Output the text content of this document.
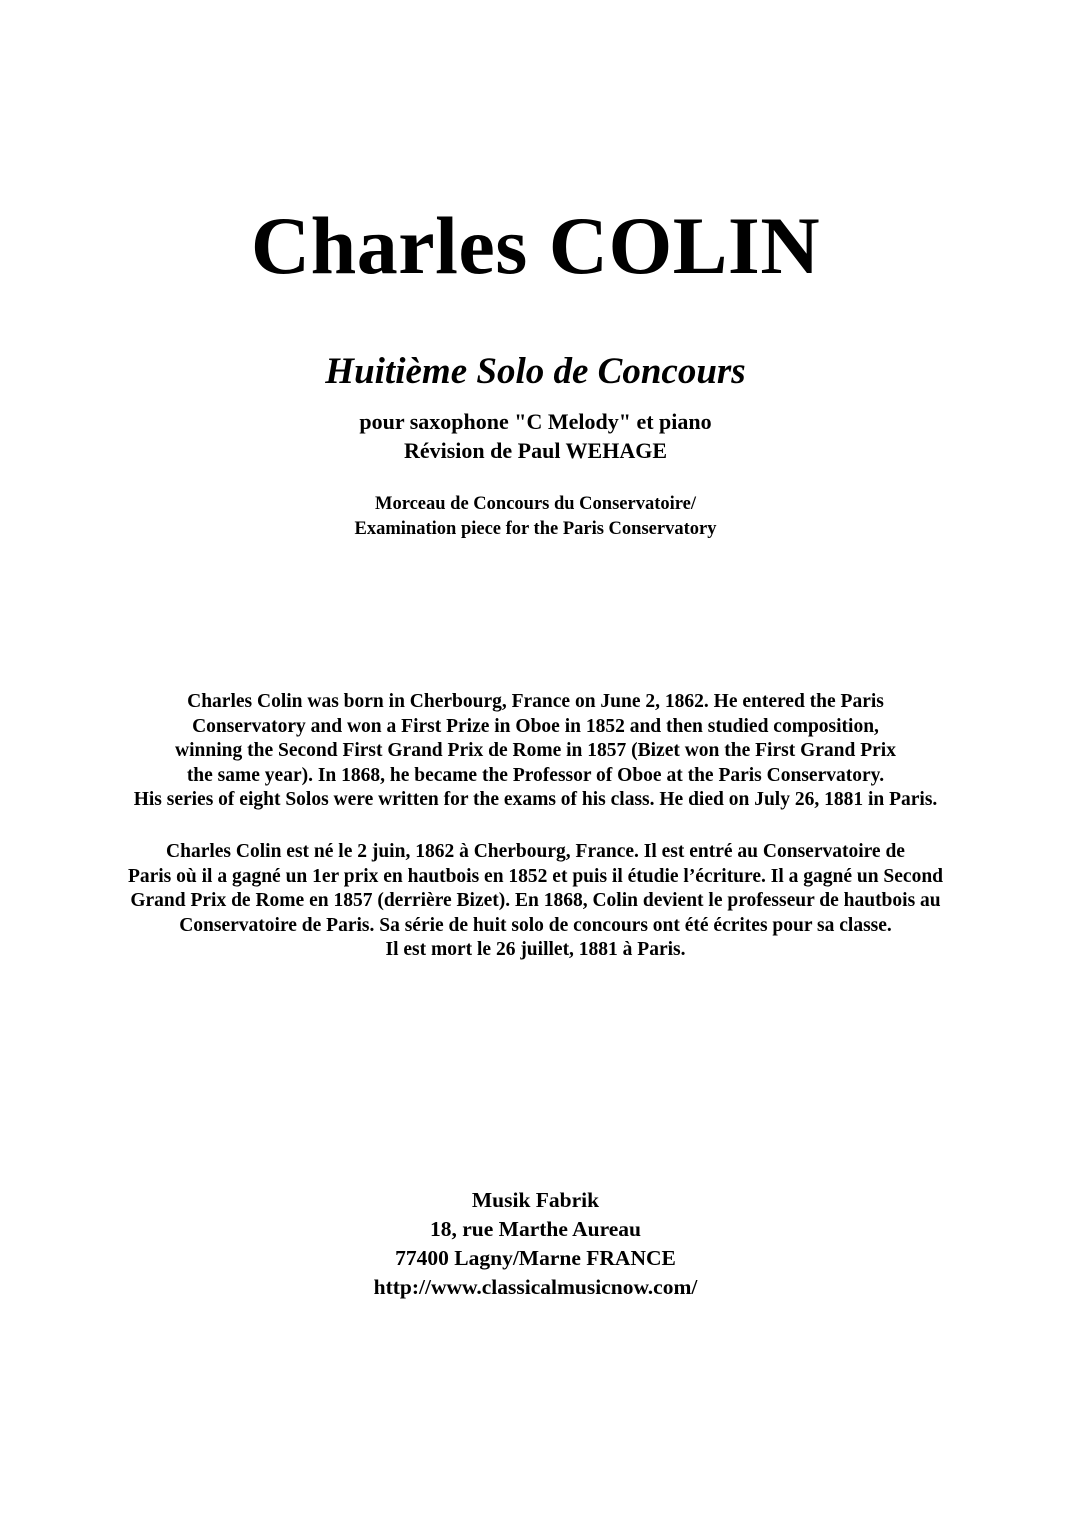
Charles COLIN
Huitième Solo de Concours
pour saxophone "C Melody" et piano
Révision de Paul WEHAGE
Morceau de Concours du Conservatoire/
Examination piece for the Paris Conservatory
Charles Colin was born in Cherbourg, France on June 2, 1862. He entered the Paris
Conservatory and won a First Prize in Oboe in 1852 and then studied composition,
winning the Second First Grand Prix de Rome in 1857 (Bizet won the First Grand Prix
the same year). In 1868, he became the Professor of Oboe at the Paris Conservatory.
His series of eight Solos were written for the exams of his class. He died on July 26, 1881 in Paris.
Charles Colin est né le 2 juin, 1862 à Cherbourg, France. Il est entré au Conservatoire de
Paris où il a gagné un 1er prix en hautbois en 1852 et puis il étudie l’écriture. Il a gagné un Second
Grand Prix de Rome en 1857 (derrière Bizet). En 1868, Colin devient le professeur de hautbois au
Conservatoire de Paris. Sa série de huit solo de concours ont été écrites pour sa classe.
Il est mort le 26 juillet, 1881 à Paris.
Musik Fabrik
18, rue Marthe Aureau
77400 Lagny/Marne FRANCE
http://www.classicalmusicnow.com/
